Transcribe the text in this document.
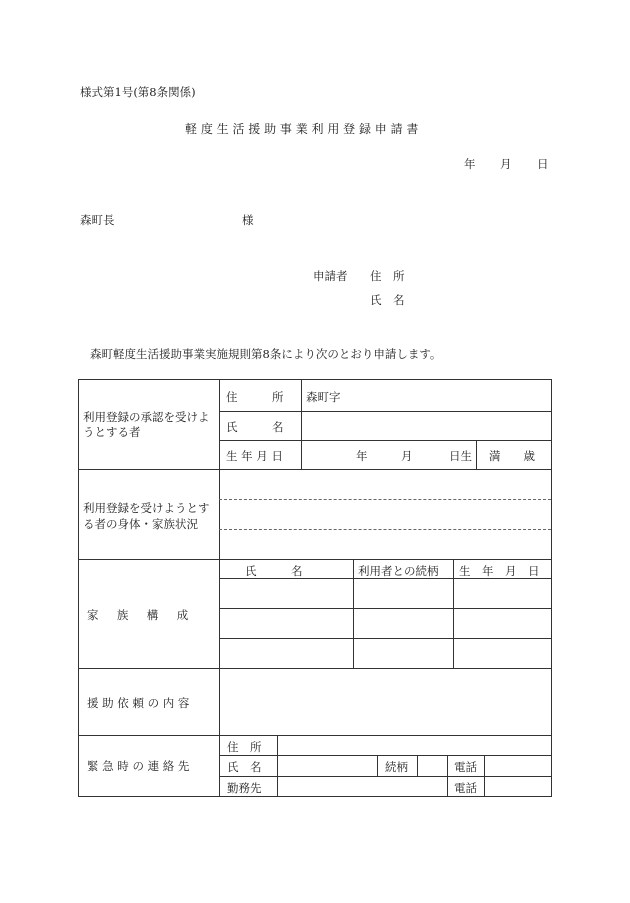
様式第1号(第8条関係)
軽 度 生 活 援 助 事 業 利 用 登 録 申 請 書
年 月 日
森町長	様
申請者 住　所
氏　名
森町軽度生活援助事業実施規則第8条により次のとおり申請します。
利用登録の承認を受けようとする者
住　　　所 森町字
氏　　　名
生 年 月 日	年	月	日生 満　　歳
利用登録を受けようとする者の身体・家族状況
家　族　構　成
氏　　　名	利用者との続柄 生　年　月　日
援 助 依 頼 の 内 容
緊 急 時 の 連 絡 先
住　所
氏　名	続柄	電話
勤務先	電話
